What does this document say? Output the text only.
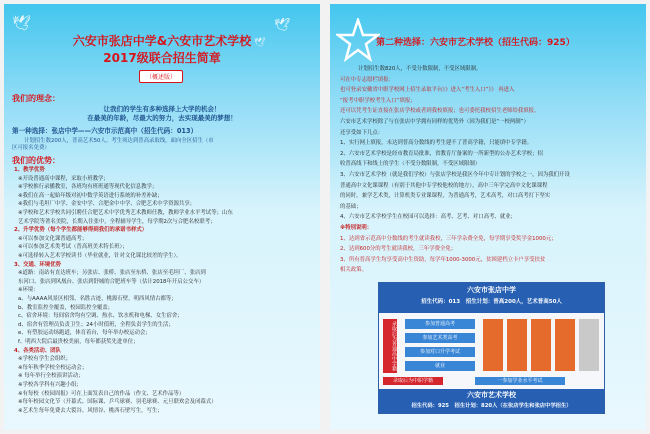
🕊	🕊
🕊
六安市张店中学&六安市艺术学校
2017级联合招生简章
（概述版）
我们的理念：
让我们的学生有多种选择上大学的机会！
在最美的年龄，尽最大的努力，去实现最美的梦想！
第一种选择：张店中学——六安市示范高中（招生代码：013）
计划招生数200人，普高艺术50人。考生须达到普高录取线，面向全区招生（市
区可报名免费）
我们的优势：
1、教学优势
※开设普通高中课程，采取小班教学；
※学校推行录播教室，各班均有班班通等现代化信息教学；
※我们在高一起始年级对初中数学英语进行系统的补差补缺；
※我们与毛坦厂中学、金安中学、合肥金中中学、合肥艺术中学资源共享；
※学校和艺术学校共同引聘任合肥艺术中学优秀艺术教师任教，教师学业水平考试等；山东
艺术学院等著名美院，长期入住张中，全程辅导学生，每学期2次与合肥名校联考；
2、升学优势（每个学生都能够得到我们的承诺书样式）
※可以参加文化课普通高考；
※可以参加艺术类考试（普高班美术特长班）；
※可选择转入艺术学校读书（毕业就业，针对文化课比较差的学生）。
3、交通、环境优势
※道路：南站有直达班车；另张店、张桥、张店至东桥、张店至毛坦厂、张店到
东河口、张店到风凰台、张店到舒城的合肥班车等（估计2018年开启公交车）
※环境：
a、与AAAA风景区相邻，名胜古迹，桃源石壁，明西风情古都等；
b、教室监控全覆盖，校园监控全覆盖；
c、宿舍环境：每间宿舍均有空调、热水、饮水机和电梯、女生宿舍；
d、宿舍有管理员负责卫生；24小时值班，全程负责学生的生活；
e、有塑胶运动场跑道，体育着台，每年举办校运动会；
f、明西大院后最贵校美丽，每年都获奖先进单位；
4、各类活动、团队
※学校有学生会组织；
※每年秋季学校全校运动会；
※ 每年举行全校演讲活动；
※学校各学科有兴趣小组；
※有每校《校园周报》可在上面发表自己的作品（作文、艺术作品等）
※每年校园文化节（开幕式、国际课、乒乓球赛、羽毛球赛、元旦联欢会及闭幕式）
※艺术生每年免费去大裂谷、风情谷、桃西石壁写生，写生；
第二种选择：六安市艺术学校（招生代码：925）
计划招生数820人，不受分数限制，不受区域限制。
可在中专志愿栏填报：
也可登录安徽省中职学校网上招生录取平台》》进入“考生入口”》》 再进入
“报考中职学校考生入口”填报；
还可以凭考生证直接在张店学校或者到我校填报；也可委托我校招生老师给我填报。
六安市艺术学校除了与在张店中学拥有同样的优势外（因为我们是“一校两制”）
还享受如下几点：
1、实行网上填报，未达到普高分数线的考生建不了普高学籍，只能填中专学籍。
2、六安市艺术学校是经市教育局批准，省教育厅备案的一所新型的公办艺术学校；招
收普高线下和线上的学生（不受分数限制，不受区域限制）
3、六安市艺术学校（就是我们学校）与张店学校是我区今年中专计划的学校之一，因为我们开设
普通高中文化课课程（有别于其他中专学校他校的地方），高中三年学完高中文化课课程
的同时，兼学艺术类，计算机类专业课课程，为普通高考，艺术高考，对口高考打下坚实
的基础；
4、六安市艺术学校学生在校园可以选择：高考、艺考、对口高考、就业；
※特别说明：
1、达到省示范高中分数线的考生就读我校，三年学杂费全免，每学期享受奖学金1000元；
2、达到600分的考生就读我校，三年学费全免；
3、所有普高学生均享受高中生资助，每学年1000-3000元，贫困建档立卡户享受扶贫
相关政策。
六安市张店中学
招生代码：013 招生计划：普高200人，艺术普高50人
录取后为普通高中学籍	参加普通高考
参加艺术类高考
参加对口升学考试
就业
录取后为中职学籍	一参加学业水平考试
六安市艺术学校
招生代码：925 招生计划：820人（在张店学生和张店中学招生）
